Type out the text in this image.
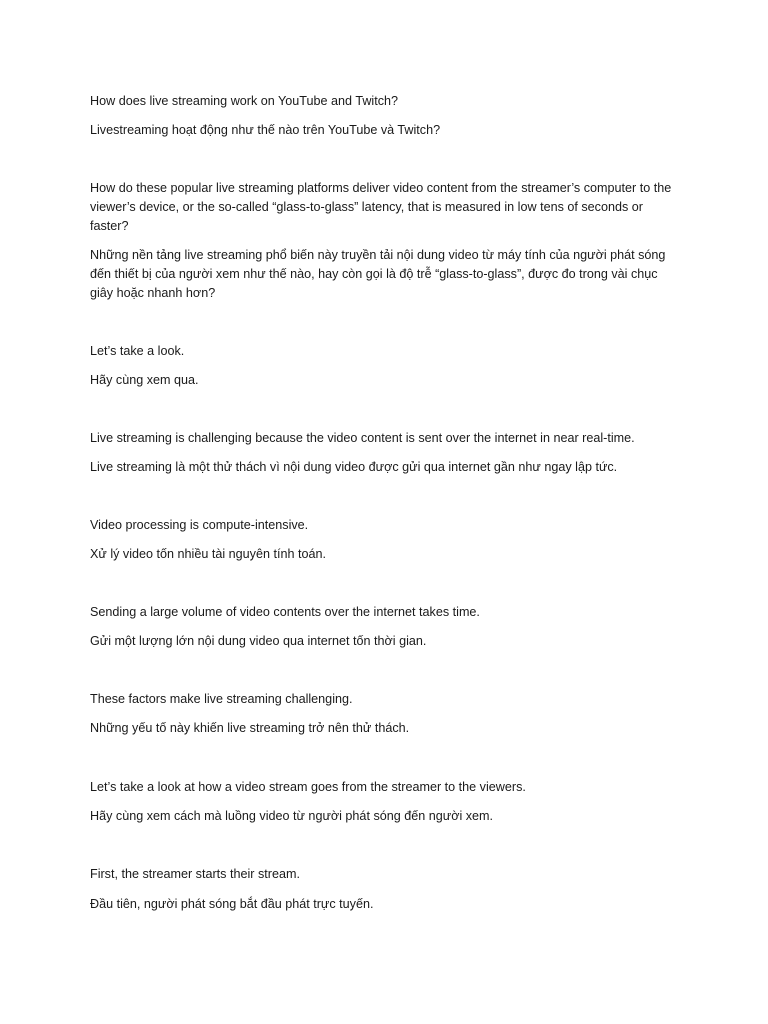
How does live streaming work on YouTube and Twitch?

Livestreaming hoạt động như thế nào trên YouTube và Twitch?

How do these popular live streaming platforms deliver video content from the streamer’s computer to the viewer’s device, or the so-called “glass-to-glass” latency, that is measured in low tens of seconds or faster?

Những nền tảng live streaming phổ biến này truyền tải nội dung video từ máy tính của người phát sóng đến thiết bị của người xem như thế nào, hay còn gọi là độ trễ “glass-to-glass”, được đo trong vài chục giây hoặc nhanh hơn?

Let’s take a look.

Hãy cùng xem qua.

Live streaming is challenging because the video content is sent over the internet in near real-time.

Live streaming là một thử thách vì nội dung video được gửi qua internet gần như ngay lập tức.

Video processing is compute-intensive.

Xử lý video tốn nhiều tài nguyên tính toán.

Sending a large volume of video contents over the internet takes time.

Gửi một lượng lớn nội dung video qua internet tốn thời gian.

These factors make live streaming challenging.

Những yếu tố này khiến live streaming trở nên thử thách.

Let’s take a look at how a video stream goes from the streamer to the viewers.

Hãy cùng xem cách mà luồng video từ người phát sóng đến người xem.

First, the streamer starts their stream.

Đầu tiên, người phát sóng bắt đầu phát trực tuyến.
